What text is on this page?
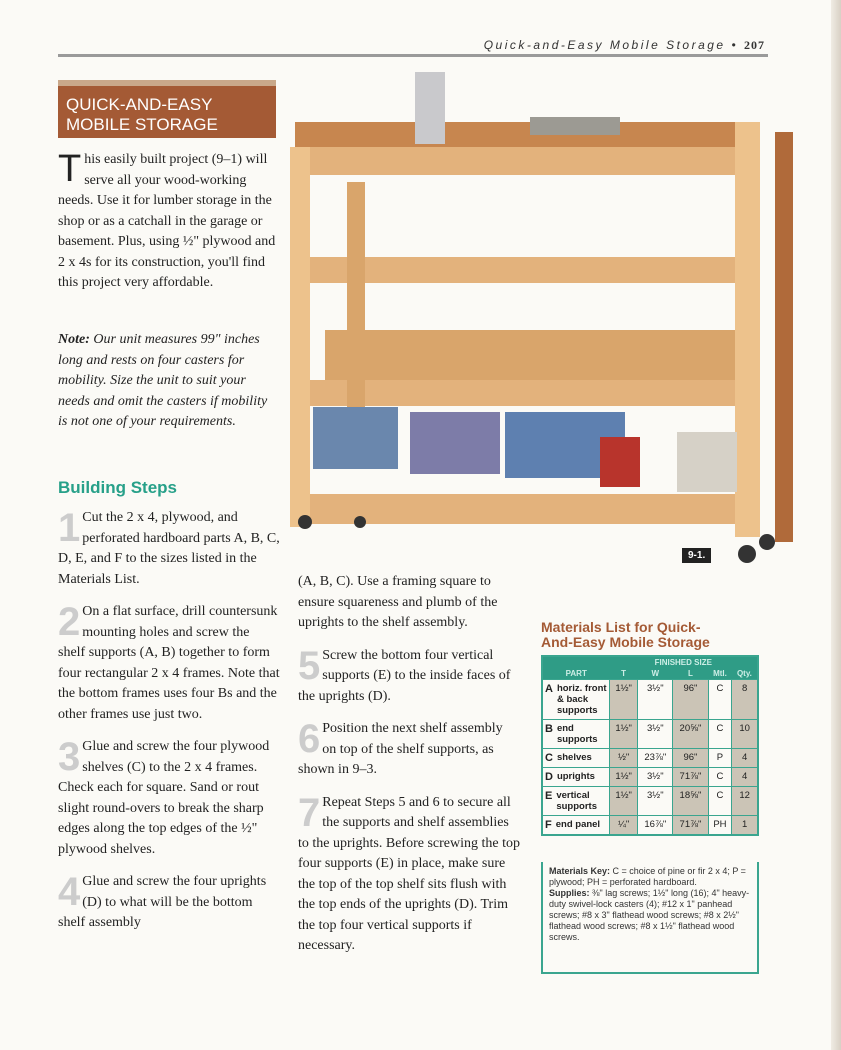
Quick-and-Easy Mobile Storage • 207
QUICK-AND-EASY
MOBILE STORAGE
This easily built project (9–1) will serve all your wood-working needs. Use it for lumber storage in the shop or as a catchall in the garage or basement. Plus, using ½" plywood and 2 x 4s for its construction, you'll find this project very affordable.
Note: Our unit measures 99" inches long and rests on four casters for mobility. Size the unit to suit your needs and omit the casters if mobility is not one of your requirements.
Building Steps
1 Cut the 2 x 4, plywood, and perforated hardboard parts A, B, C, D, E, and F to the sizes listed in the Materials List.
2 On a flat surface, drill countersunk mounting holes and screw the shelf supports (A, B) together to form four rectangular 2 x 4 frames. Note that the bottom frames uses four Bs and the other frames use just two.
3 Glue and screw the four plywood shelves (C) to the 2 x 4 frames. Check each for square. Sand or rout slight round-overs to break the sharp edges along the top edges of the ½" plywood shelves.
4 Glue and screw the four uprights (D) to what will be the bottom shelf assembly
(A, B, C). Use a framing square to ensure squareness and plumb of the uprights to the shelf assembly.
5 Screw the bottom four vertical supports (E) to the inside faces of the uprights (D).
6 Position the next shelf assembly on top of the shelf supports, as shown in 9–3.
7 Repeat Steps 5 and 6 to secure all the supports and shelf assemblies to the uprights. Before screwing the top four supports (E) in place, make sure the top of the top shelf sits flush with the top ends of the uprights (D). Trim the top four vertical supports if necessary.
9-1.
Materials List for Quick-
And-Easy Mobile Storage
	FINISHED SIZE				
PART	T	W	L	Mtl.	Qty.

A horiz. front & back supports	1½"	3½"	96"	C	8

B end supports	1½"	3½"	20⅝"	C	10

C shelves	½"	23⅞"	96"	P	4

D uprights	1½"	3½"	71⅞"	C	4

E vertical supports	1½"	3½"	18⅝"	C	12

F end panel	¼"	16⅞"	71⅞"	PH	1
Materials Key: C = choice of pine or fir 2 x 4; P = plywood; PH = perforated hardboard.
Supplies: ⅜" lag screws; 1½" long (16); 4" heavy-duty swivel-lock casters (4); #12 x 1" panhead screws; #8 x 3" flathead wood screws; #8 x 2½" flathead wood screws; #8 x 1½" flathead wood screws.
